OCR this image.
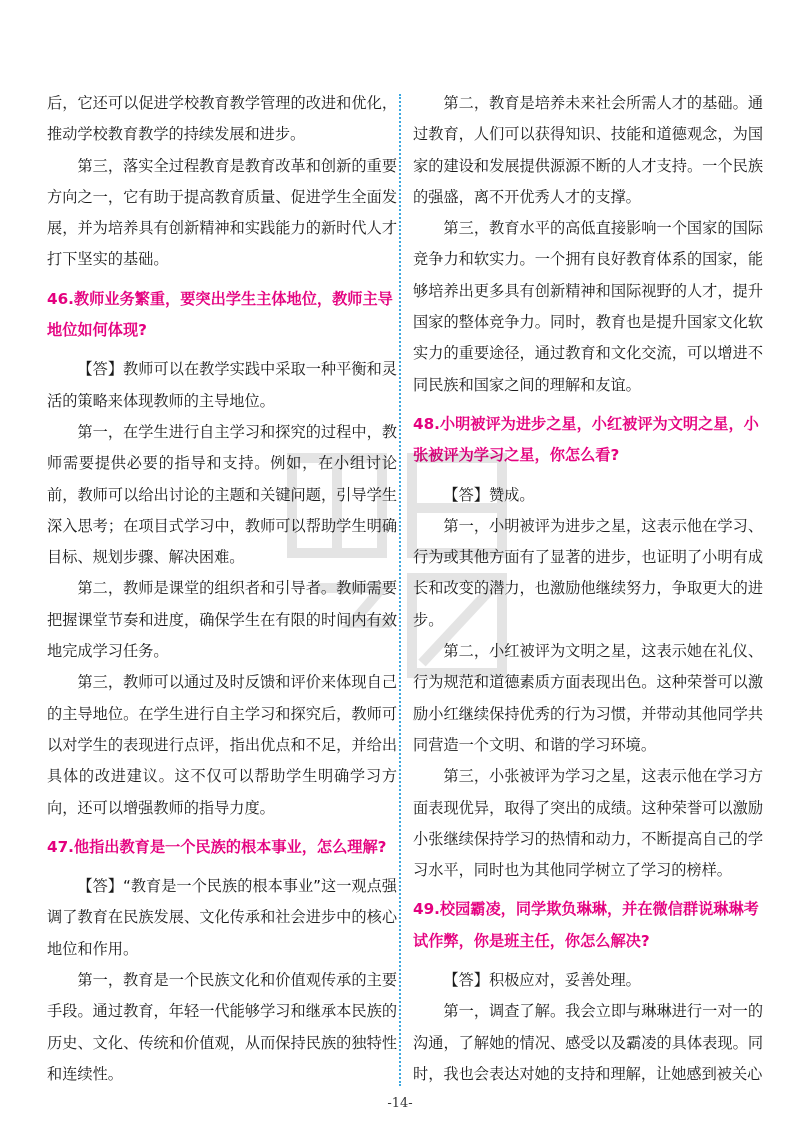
后，它还可以促进学校教育教学管理的改进和优化，推动学校教育教学的持续发展和进步。

第三，落实全过程教育是教育改革和创新的重要方向之一，它有助于提高教育质量、促进学生全面发展，并为培养具有创新精神和实践能力的新时代人才打下坚实的基础。

46.教师业务繁重，要突出学生主体地位，教师主导地位如何体现?

【答】教师可以在教学实践中采取一种平衡和灵活的策略来体现教师的主导地位。

第一，在学生进行自主学习和探究的过程中，教师需要提供必要的指导和支持。例如，在小组讨论前，教师可以给出讨论的主题和关键问题，引导学生深入思考；在项目式学习中，教师可以帮助学生明确目标、规划步骤、解决困难。

第二，教师是课堂的组织者和引导者。教师需要把握课堂节奏和进度，确保学生在有限的时间内有效地完成学习任务。

第三，教师可以通过及时反馈和评价来体现自己的主导地位。在学生进行自主学习和探究后，教师可以对学生的表现进行点评，指出优点和不足，并给出具体的改进建议。这不仅可以帮助学生明确学习方向，还可以增强教师的指导力度。

47.他指出教育是一个民族的根本事业，怎么理解?

【答】“教育是一个民族的根本事业”这一观点强调了教育在民族发展、文化传承和社会进步中的核心地位和作用。

第一，教育是一个民族文化和价值观传承的主要手段。通过教育，年轻一代能够学习和继承本民族的历史、文化、传统和价值观，从而保持民族的独特性和连续性。

第二，教育是培养未来社会所需人才的基础。通过教育，人们可以获得知识、技能和道德观念，为国家的建设和发展提供源源不断的人才支持。一个民族的强盛，离不开优秀人才的支撑。

第三，教育水平的高低直接影响一个国家的国际竞争力和软实力。一个拥有良好教育体系的国家，能够培养出更多具有创新精神和国际视野的人才，提升国家的整体竞争力。同时，教育也是提升国家文化软实力的重要途径，通过教育和文化交流，可以增进不同民族和国家之间的理解和友谊。

48.小明被评为进步之星，小红被评为文明之星，小张被评为学习之星，你怎么看?

【答】赞成。

第一，小明被评为进步之星，这表示他在学习、行为或其他方面有了显著的进步，也证明了小明有成长和改变的潜力，也激励他继续努力，争取更大的进步。

第二，小红被评为文明之星，这表示她在礼仪、行为规范和道德素质方面表现出色。这种荣誉可以激励小红继续保持优秀的行为习惯，并带动其他同学共同营造一个文明、和谐的学习环境。

第三，小张被评为学习之星，这表示他在学习方面表现优异，取得了突出的成绩。这种荣誉可以激励小张继续保持学习的热情和动力，不断提高自己的学习水平，同时也为其他同学树立了学习的榜样。

49.校园霸凌，同学欺负琳琳，并在微信群说琳琳考试作弊，你是班主任，你怎么解决?

【答】积极应对，妥善处理。

第一，调查了解。我会立即与琳琳进行一对一的沟通，了解她的情况、感受以及霸凌的具体表现。同时，我也会表达对她的支持和理解，让她感到被关心

-14-
